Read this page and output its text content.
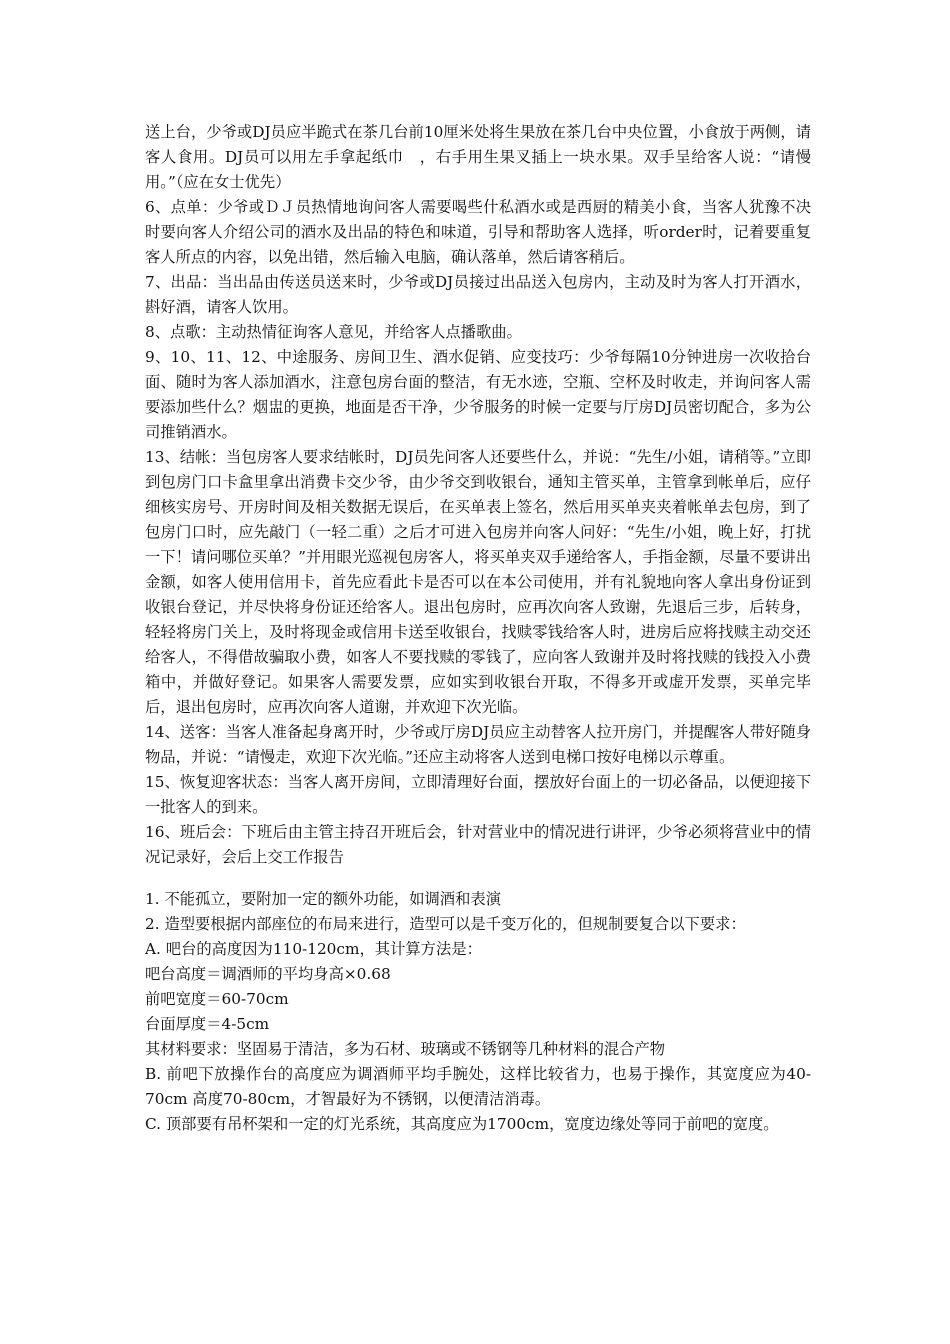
送上台，少爷或DJ员应半跪式在茶几台前10厘米处将生果放在茶几台中央位置，小食放于两侧，请客人食用。DJ员可以用左手拿起纸巾　，右手用生果叉插上一块水果。双手呈给客人说：“请慢用。”（应在女士优先）

6、点单：少爷或ＤＪ员热情地询问客人需要喝些什私酒水或是西厨的精美小食，当客人犹豫不决时要向客人介绍公司的酒水及出品的特色和味道，引导和帮助客人选择，听order时，记着要重复客人所点的内容，以免出错，然后输入电脑，确认落单，然后请客稍后。

7、出品：当出品由传送员送来时，少爷或DJ员接过出品送入包房内，主动及时为客人打开酒水，斟好酒，请客人饮用。

8、点歌：主动热情征询客人意见，并给客人点播歌曲。

9、10、11、12、中途服务、房间卫生、酒水促销、应变技巧：少爷每隔10分钟进房一次收拾台面、随时为客人添加酒水，注意包房台面的整洁，有无水迹，空瓶、空杯及时收走，并询问客人需要添加些什么？烟盅的更换，地面是否干净，少爷服务的时候一定要与厅房DJ员密切配合，多为公司推销酒水。

13、结帐：当包房客人要求结帐时，DJ员先问客人还要些什么，并说：“先生/小姐，请稍等。”立即到包房门口卡盒里拿出消费卡交少爷，由少爷交到收银台，通知主管买单，主管拿到帐单后，应仔细核实房号、开房时间及相关数据无误后，在买单表上签名，然后用买单夹夹着帐单去包房，到了包房门口时，应先敲门（一轻二重）之后才可进入包房并向客人问好：“先生/小姐，晚上好，打扰一下！请问哪位买单？”并用眼光巡视包房客人，将买单夹双手递给客人，手指金额，尽量不要讲出金额，如客人使用信用卡，首先应看此卡是否可以在本公司使用，并有礼貌地向客人拿出身份证到收银台登记，并尽快将身份证还给客人。退出包房时，应再次向客人致谢，先退后三步，后转身，轻轻将房门关上，及时将现金或信用卡送至收银台，找赎零钱给客人时，进房后应将找赎主动交还给客人，不得借故骗取小费，如客人不要找赎的零钱了，应向客人致谢并及时将找赎的钱投入小费箱中，并做好登记。如果客人需要发票，应如实到收银台开取，不得多开或虚开发票，买单完毕后，退出包房时，应再次向客人道谢，并欢迎下次光临。

14、送客：当客人准备起身离开时，少爷或厅房DJ员应主动替客人拉开房门，并提醒客人带好随身物品，并说：“请慢走，欢迎下次光临。”还应主动将客人送到电梯口按好电梯以示尊重。

15、恢复迎客状态：当客人离开房间，立即清理好台面，摆放好台面上的一切必备品，以便迎接下一批客人的到来。

16、班后会：下班后由主管主持召开班后会，针对营业中的情况进行讲评，少爷必须将营业中的情况记录好，会后上交工作报告

1. 不能孤立，要附加一定的额外功能，如调酒和表演

2. 造型要根据内部座位的布局来进行，造型可以是千变万化的，但规制要复合以下要求：

A. 吧台的高度因为110-120cm，其计算方法是：

吧台高度＝调酒师的平均身高×0.68

前吧宽度＝60-70cm

台面厚度＝4-5cm

其材料要求：坚固易于清洁，多为石材、玻璃或不锈钢等几种材料的混合产物

B. 前吧下放操作台的高度应为调酒师平均手腕处，这样比较省力，也易于操作，其宽度应为40-70cm 高度70-80cm，才智最好为不锈钢，以便清洁消毒。

C. 顶部要有吊杯架和一定的灯光系统，其高度应为1700cm，宽度边缘处等同于前吧的宽度。
